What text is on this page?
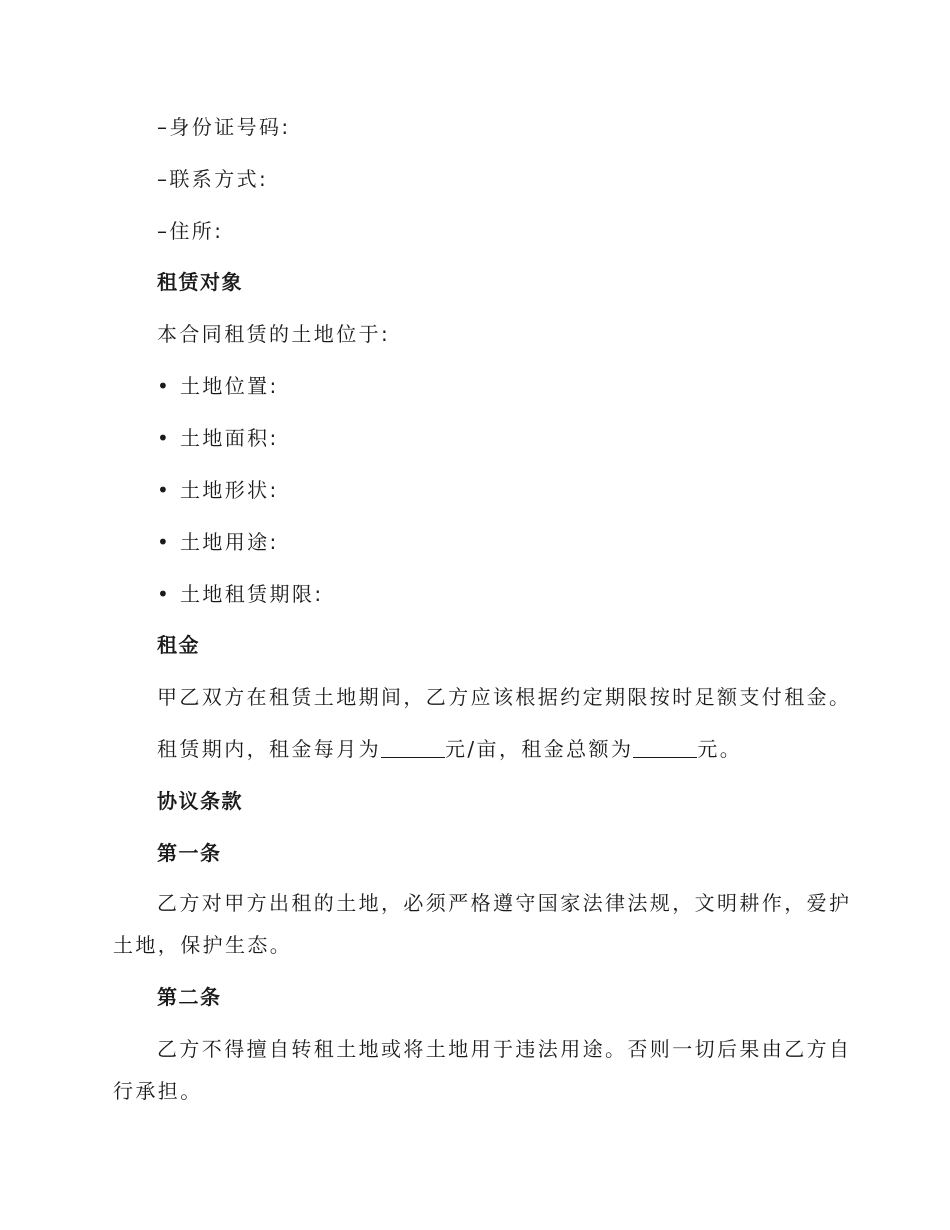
–身份证号码:
–联系方式:
–住所:
租赁对象
本合同租赁的土地位于:
• 土地位置:
• 土地面积:
• 土地形状:
• 土地用途:
• 土地租赁期限:
租金
甲乙双方在租赁土地期间，乙方应该根据约定期限按时足额支付租金。
租赁期内，租金每月为	元/亩，租金总额为	元。
协议条款
第一条
乙方对甲方出租的土地，必须严格遵守国家法律法规，文明耕作，爱护
土地，保护生态。
第二条
乙方不得擅自转租土地或将土地用于违法用途。否则一切后果由乙方自
行承担。
